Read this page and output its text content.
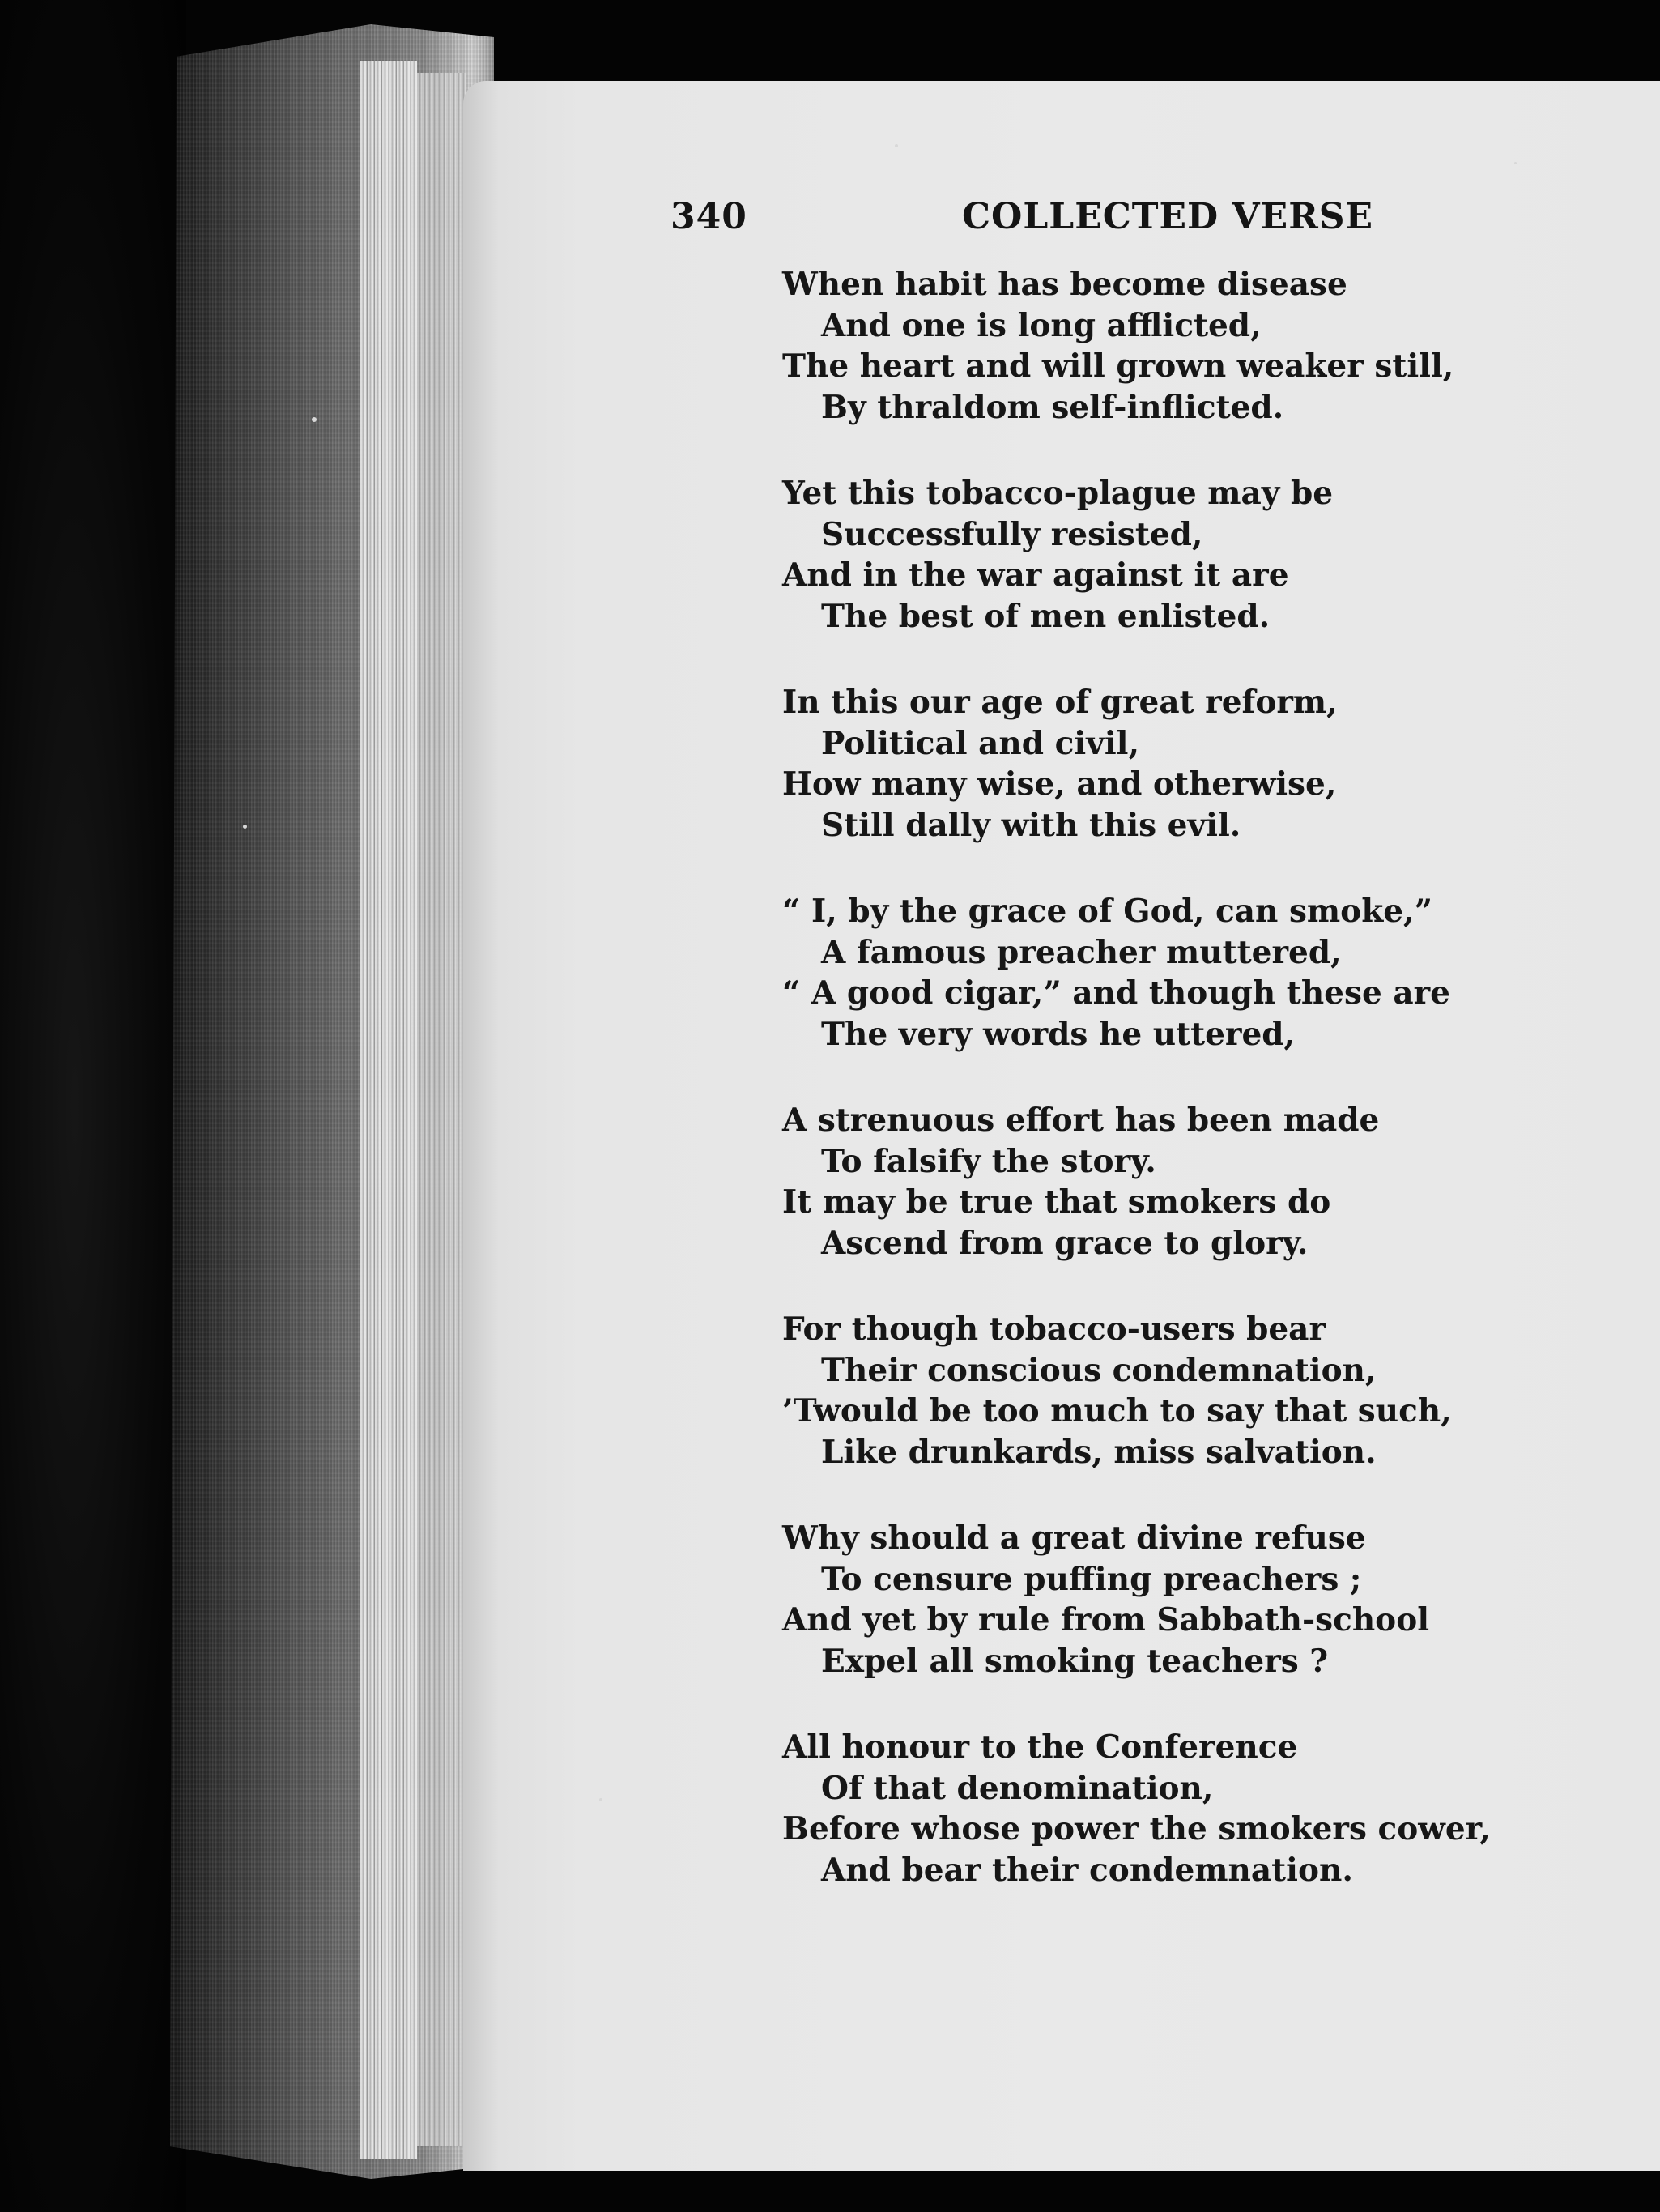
340	COLLECTED VERSE
When habit has become disease
And one is long afflicted,
The heart and will grown weaker still,
By thraldom self-inflicted.
Yet this tobacco-plague may be
Successfully resisted,
And in the war against it are
The best of men enlisted.
In this our age of great reform,
Political and civil,
How many wise, and otherwise,
Still dally with this evil.
“ I, by the grace of God, can smoke,”
A famous preacher muttered,
“ A good cigar,” and though these are
The very words he uttered,
A strenuous effort has been made
To falsify the story.
It may be true that smokers do
Ascend from grace to glory.
For though tobacco-users bear
Their conscious condemnation,
’Twould be too much to say that such,
Like drunkards, miss salvation.
Why should a great divine refuse
To censure puffing preachers ;
And yet by rule from Sabbath-school
Expel all smoking teachers ?
All honour to the Conference
Of that denomination,
Before whose power the smokers cower,
And bear their condemnation.
